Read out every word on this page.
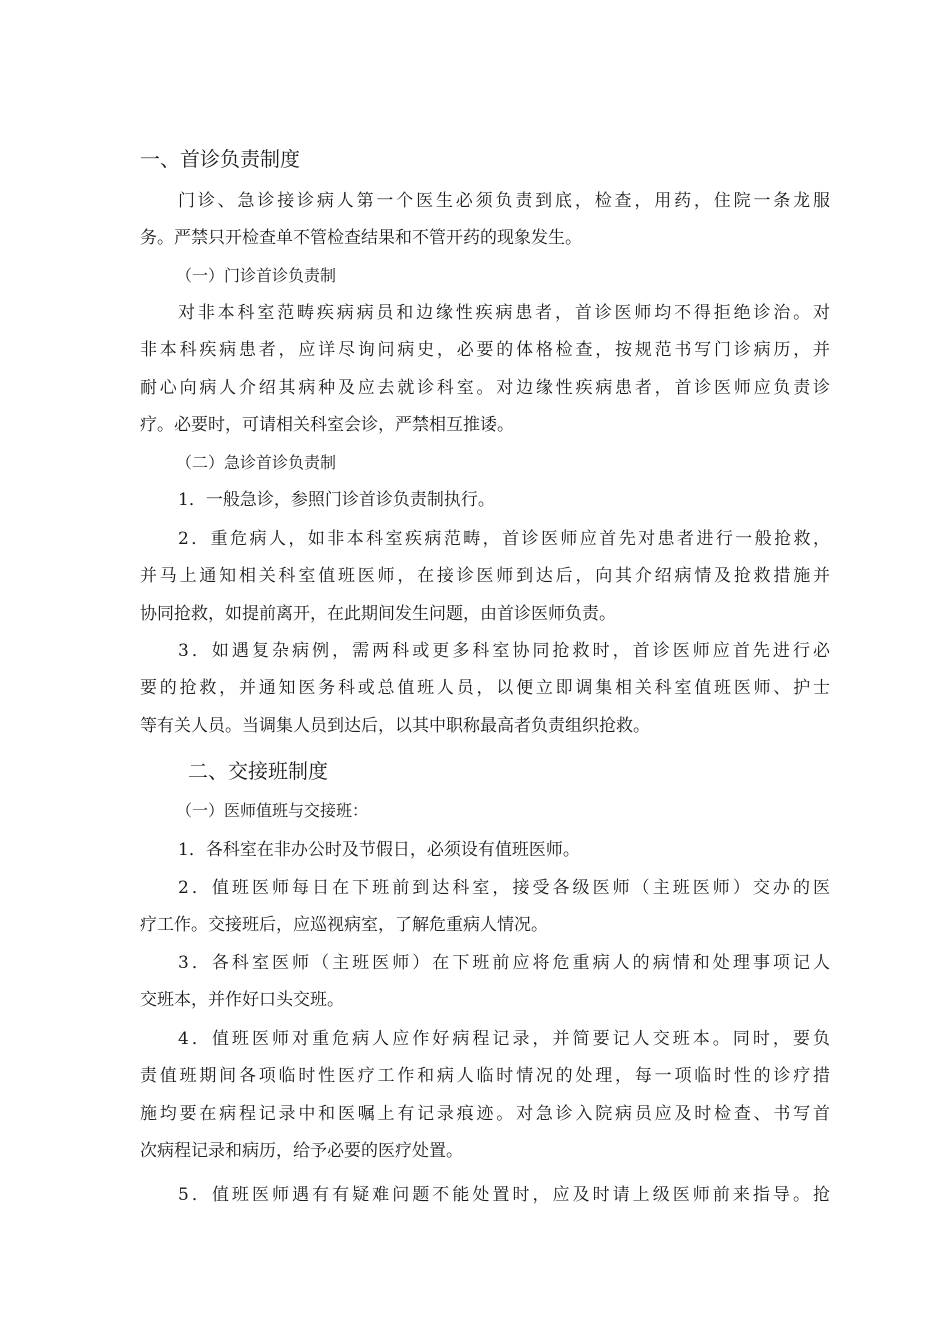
一、首诊负责制度
门诊、急诊接诊病人第一个医生必须负责到底，检查，用药，住院一条龙服
务。严禁只开检查单不管检查结果和不管开药的现象发生。
（一）门诊首诊负责制
对非本科室范畴疾病病员和边缘性疾病患者，首诊医师均不得拒绝诊治。对
非本科疾病患者，应详尽询问病史，必要的体格检查，按规范书写门诊病历，并
耐心向病人介绍其病种及应去就诊科室。对边缘性疾病患者，首诊医师应负责诊
疗。必要时，可请相关科室会诊，严禁相互推诿。
（二）急诊首诊负责制
1．一般急诊，参照门诊首诊负责制执行。
2．重危病人，如非本科室疾病范畴，首诊医师应首先对患者进行一般抢救，
并马上通知相关科室值班医师，在接诊医师到达后，向其介绍病情及抢救措施并
协同抢救，如提前离开，在此期间发生问题，由首诊医师负责。
3．如遇复杂病例，需两科或更多科室协同抢救时，首诊医师应首先进行必
要的抢救，并通知医务科或总值班人员，以便立即调集相关科室值班医师、护士
等有关人员。当调集人员到达后，以其中职称最高者负责组织抢救。
二、交接班制度
（一）医师值班与交接班：
1．各科室在非办公时及节假日，必须设有值班医师。
2．值班医师每日在下班前到达科室，接受各级医师（主班医师）交办的医
疗工作。交接班后，应巡视病室，了解危重病人情况。
3．各科室医师（主班医师）在下班前应将危重病人的病情和处理事项记人
交班本，并作好口头交班。
4．值班医师对重危病人应作好病程记录，并简要记人交班本。同时，要负
责值班期间各项临时性医疗工作和病人临时情况的处理，每一项临时性的诊疗措
施均要在病程记录中和医嘱上有记录痕迹。对急诊入院病员应及时检查、书写首
次病程记录和病历，给予必要的医疗处置。
5．值班医师遇有有疑难问题不能处置时，应及时请上级医师前来指导。抢
